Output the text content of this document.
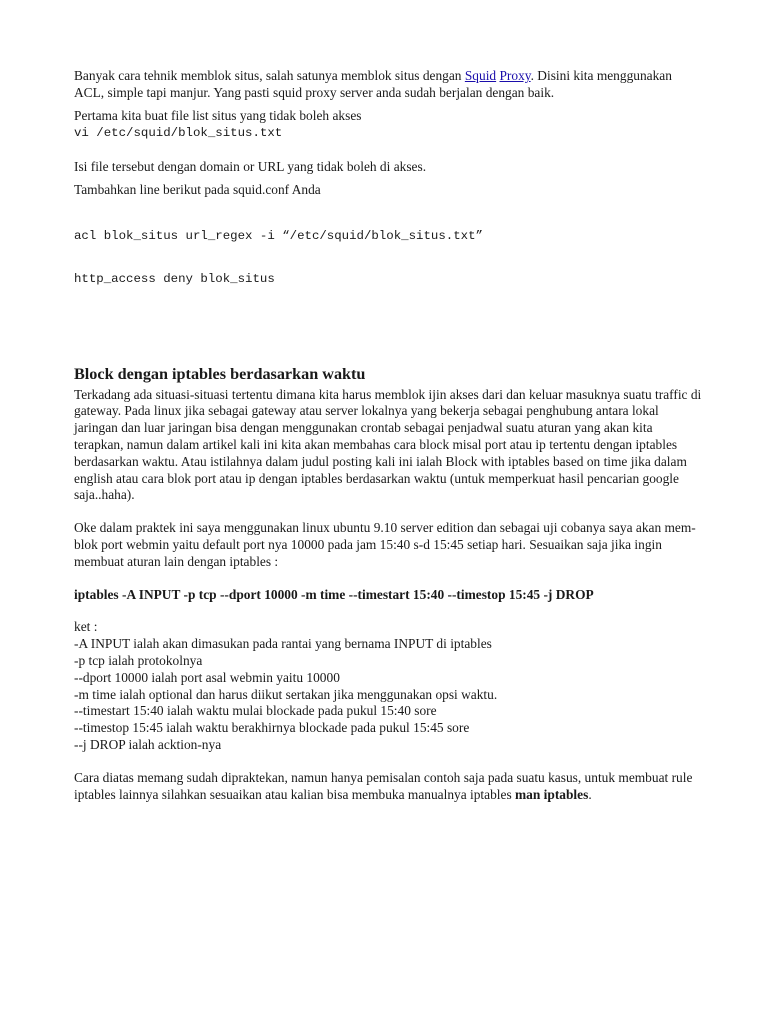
Banyak cara tehnik memblok situs, salah satunya memblok situs dengan Squid Proxy. Disini kita menggunakan ACL, simple tapi manjur. Yang pasti squid proxy server anda sudah berjalan dengan baik.

Pertama kita buat file list situs yang tidak boleh akses

vi /etc/squid/blok_situs.txt

Isi file tersebut dengan domain or URL yang tidak boleh di akses.

Tambahkan line berikut pada squid.conf Anda

acl blok_situs url_regex -i “/etc/squid/blok_situs.txt”

http_access deny blok_situs

Block dengan iptables berdasarkan waktu

Terkadang ada situasi-situasi tertentu dimana kita harus memblok ijin akses dari dan keluar masuknya suatu traffic di gateway. Pada linux jika sebagai gateway atau server lokalnya yang bekerja sebagai penghubung antara lokal jaringan dan luar jaringan bisa dengan menggunakan crontab sebagai penjadwal suatu aturan yang akan kita terapkan, namun dalam artikel kali ini kita akan membahas cara block misal port atau ip tertentu dengan iptables berdasarkan waktu. Atau istilahnya dalam judul posting kali ini ialah Block with iptables based on time jika dalam english atau cara blok port atau ip dengan iptables berdasarkan waktu (untuk memperkuat hasil pencarian google saja..haha).

Oke dalam praktek ini saya menggunakan linux ubuntu 9.10 server edition dan sebagai uji cobanya saya akan mem-blok port webmin yaitu default port nya 10000 pada jam 15:40 s-d 15:45 setiap hari. Sesuaikan saja jika ingin membuat aturan lain dengan iptables :

iptables -A INPUT -p tcp --dport 10000 -m time --timestart 15:40 --timestop 15:45 -j DROP

ket :
-A INPUT ialah akan dimasukan pada rantai yang bernama INPUT di iptables
-p tcp ialah protokolnya
--dport 10000 ialah port asal webmin yaitu 10000
-m time ialah optional dan harus diikut sertakan jika menggunakan opsi waktu.
--timestart 15:40 ialah waktu mulai blockade pada pukul 15:40 sore
--timestop 15:45 ialah waktu berakhirnya blockade pada pukul 15:45 sore
--j DROP ialah acktion-nya

Cara diatas memang sudah dipraktekan, namun hanya pemisalan contoh saja pada suatu kasus, untuk membuat rule iptables lainnya silahkan sesuaikan atau kalian bisa membuka manualnya iptables man iptables.
